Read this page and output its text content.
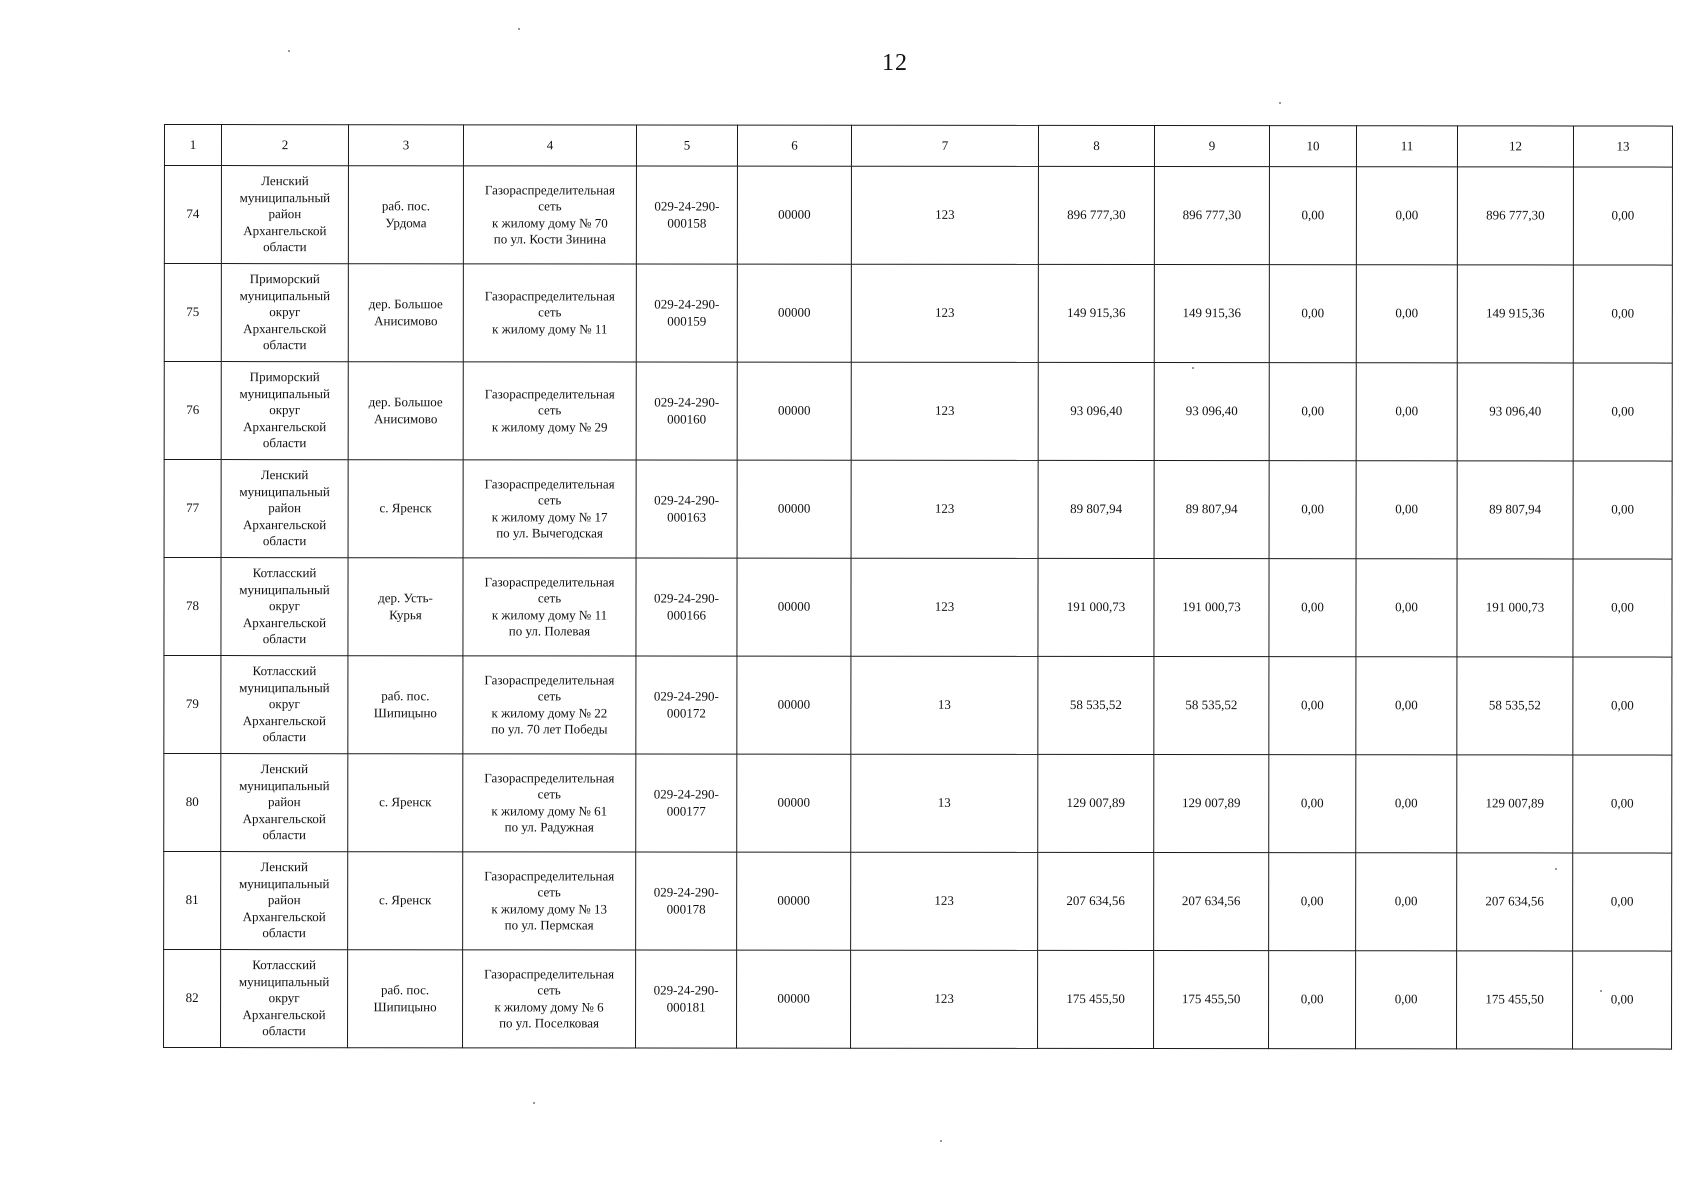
12
1	2	3	4	5	6	7	8	9	10	11	12	13

74	Ленский
муниципальный
район
Архангельской
области	раб. пос.
Урдома	Газораспределительная
сеть
к жилому дому № 70
по ул. Кости Зинина	029-24-290-
000158	00000	123	896 777,30	896 777,30	0,00	0,00	896 777,30	0,00

75	Приморский
муниципальный
округ
Архангельской
области	дер. Большое
Анисимово	Газораспределительная
сеть
к жилому дому № 11	029-24-290-
000159	00000	123	149 915,36	149 915,36	0,00	0,00	149 915,36	0,00

76	Приморский
муниципальный
округ
Архангельской
области	дер. Большое
Анисимово	Газораспределительная
сеть
к жилому дому № 29	029-24-290-
000160	00000	123	93 096,40	93 096,40	0,00	0,00	93 096,40	0,00

77	Ленский
муниципальный
район
Архангельской
области	с. Яренск	Газораспределительная
сеть
к жилому дому № 17
по ул. Вычегодская	029-24-290-
000163	00000	123	89 807,94	89 807,94	0,00	0,00	89 807,94	0,00

78	Котласский
муниципальный
округ
Архангельской
области	дер. Усть-
Курья	Газораспределительная
сеть
к жилому дому № 11
по ул. Полевая	029-24-290-
000166	00000	123	191 000,73	191 000,73	0,00	0,00	191 000,73	0,00

79	Котласский
муниципальный
округ
Архангельской
области	раб. пос.
Шипицыно	Газораспределительная
сеть
к жилому дому № 22
по ул. 70 лет Победы	029-24-290-
000172	00000	13	58 535,52	58 535,52	0,00	0,00	58 535,52	0,00

80	Ленский
муниципальный
район
Архангельской
области	с. Яренск	Газораспределительная
сеть
к жилому дому № 61
по ул. Радужная	029-24-290-
000177	00000	13	129 007,89	129 007,89	0,00	0,00	129 007,89	0,00

81	Ленский
муниципальный
район
Архангельской
области	с. Яренск	Газораспределительная
сеть
к жилому дому № 13
по ул. Пермская	029-24-290-
000178	00000	123	207 634,56	207 634,56	0,00	0,00	207 634,56	0,00

82	Котласский
муниципальный
округ
Архангельской
области	раб. пос.
Шипицыно	Газораспределительная
сеть
к жилому дому № 6
по ул. Поселковая	029-24-290-
000181	00000	123	175 455,50	175 455,50	0,00	0,00	175 455,50	0,00
